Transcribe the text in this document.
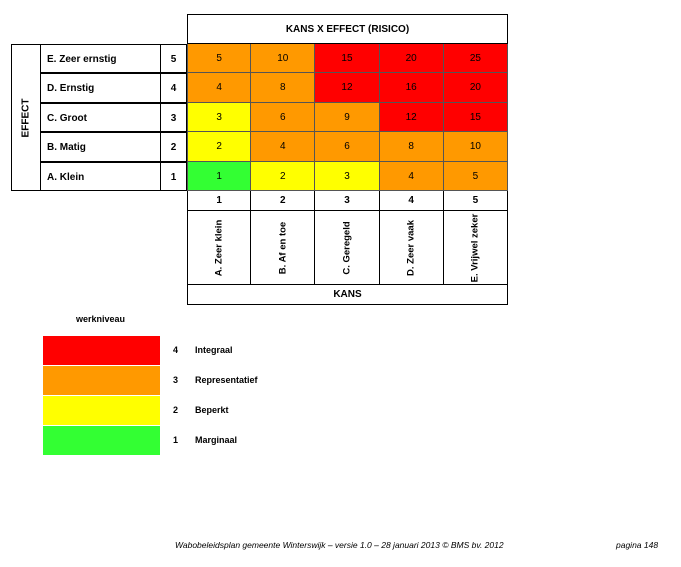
KANS X EFFECT (RISICO)
EFFECT
E. Zeer ernstig	5	5	10	15	20	25
D. Ernstig	4	4	8	12	16	20
C. Groot	3	3	6	9	12	15
B. Matig	2	2	4	6	8	10
A. Klein	1	1	2	3	4	5
1
A. Zeer klein
2
B. Af en toe
3
C. Geregeld
4
D. Zeer vaak
5
E. Vrijwel zeker
KANS
werkniveau
4 Integraal
3 Representatief
2 Beperkt
1 Marginaal
Wabobeleidsplan gemeente Winterswijk – versie 1.0 – 28 januari 2013 © BMS bv. 2012	pagina 148
